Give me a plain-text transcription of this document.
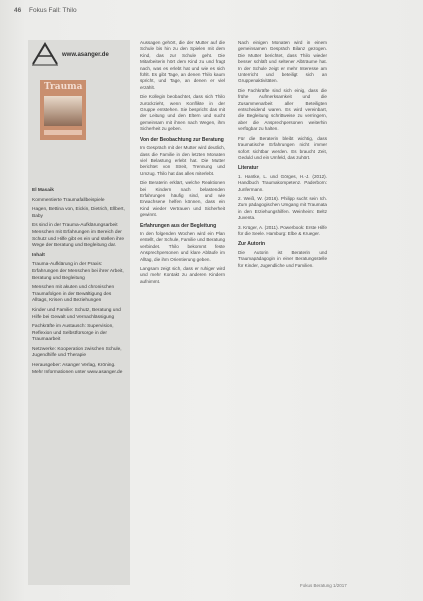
46 Fokus Fall: Thilo
www.asanger.de
Trauma

El Masaik

Kommentierte Traumafallbeispiele

Hagen, Bettina von, Eickin, Dietrich, Ellbert, Baby

Es sind in der Trauma-Aufklärungsarbeit Menschen mit Erfahrungen im Bereich der Schutz und Hilfe gibt es ein und stellen ihre Wege der Beratung und Begleitung dar.

Inhalt

Trauma-Aufklärung in der Praxis: Erfahrungen der Menschen bei ihrer Arbeit, Beratung und Begleitung

Menschen mit akuten und chronischen Traumafolgen in der Bewältigung des Alltags, Krisen und Beziehungen

Kinder und Familie: Schutz, Beratung und Hilfe bei Gewalt und Vernachlässigung

Fachkräfte im Austausch: Supervision, Reflexion und Selbstfürsorge in der Traumaarbeit

Netzwerke: Kooperation zwischen Schule, Jugendhilfe und Therapie

Herausgeber: Asanger Verlag, Kröning. Mehr Informationen unter www.asanger.de

Aussagen gehört, die der Mutter auf die Schule bis hin zu den Spielen mit dem Kind, das zur Schule geht. Die Mitarbeiterin hört dem Kind zu und fragt nach, was es erlebt hat und wie es sich fühlt. Es gibt Tage, an denen Thilo kaum spricht, und Tage, an denen er viel erzählt.

Die Kollegin beobachtet, dass sich Thilo zurückzieht, wenn Konflikte in der Gruppe entstehen. Sie bespricht das mit der Leitung und den Eltern und sucht gemeinsam mit ihnen nach Wegen, ihm Sicherheit zu geben.

Von der Beobachtung zur Beratung

Im Gespräch mit der Mutter wird deutlich, dass die Familie in den letzten Monaten viel Belastung erlebt hat. Die Mutter berichtet von Streit, Trennung und Umzug. Thilo hat das alles miterlebt.

Die Beraterin erklärt, welche Reaktionen bei Kindern nach belastenden Erfahrungen häufig sind, und wie Erwachsene helfen können, dass ein Kind wieder Vertrauen und Sicherheit gewinnt.

Erfahrungen aus der Begleitung

In den folgenden Wochen wird ein Plan erstellt, der Schule, Familie und Beratung verbindet. Thilo bekommt feste Ansprechpersonen und klare Abläufe im Alltag, die ihm Orientierung geben.

Langsam zeigt sich, dass er ruhiger wird und mehr Kontakt zu anderen Kindern aufnimmt.

Nach einigen Monaten wird in einem gemeinsamen Gespräch Bilanz gezogen. Die Mutter berichtet, dass Thilo wieder besser schläft und seltener Albträume hat. In der Schule zeigt er mehr Interesse am Unterricht und beteiligt sich an Gruppenaktivitäten.

Die Fachkräfte sind sich einig, dass die frühe Aufmerksamkeit und die Zusammenarbeit aller Beteiligten entscheidend waren. Es wird vereinbart, die Begleitung schrittweise zu verringern, aber die Ansprechpersonen weiterhin verfügbar zu halten.

Für die Beraterin bleibt wichtig, dass traumatische Erfahrungen nicht immer sofort sichtbar werden. Es braucht Zeit, Geduld und ein Umfeld, das zuhört.

Literatur

1. Hantke, L. und Görges, H.-J. (2012). Handbuch Traumakompetenz. Paderborn: Junfermann.

2. Weiß, W. (2016). Philipp sucht sein Ich. Zum pädagogischen Umgang mit Traumata in den Erziehungshilfen. Weinheim: Beltz Juventa.

3. Krüger, A. (2011). Powerbook: Erste Hilfe für die Seele. Hamburg: Elbe & Krueger.

Zur Autorin

Die Autorin ist Beraterin und Traumapädagogin in einer Beratungsstelle für Kinder, Jugendliche und Familien.

Fokus Beratung 1/2017
